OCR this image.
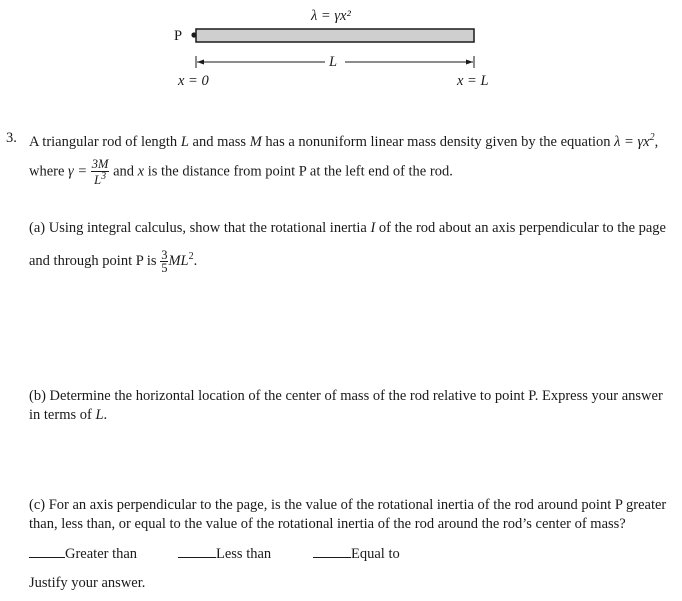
λ = γx²
P
L
x = 0	x = L
3. A triangular rod of length L and mass M has a nonuniform linear mass density given by the equation $\lambda = \gamma x^2$,
where $\gamma = \frac{3M}{L^3}$ and x is the distance from point P at the left end of the rod.
(a) Using integral calculus, show that the rotational inertia I of the rod about an axis perpendicular to the page
and through point P is $\frac{3}{5} ML^2$.
(b) Determine the horizontal location of the center of mass of the rod relative to point P. Express your answer
in terms of L.
(c) For an axis perpendicular to the page, is the value of the rotational inertia of the rod around point P greater
than, less than, or equal to the value of the rotational inertia of the rod around the rod’s center of mass?
Greater than	Less than	Equal to
Justify your answer.
